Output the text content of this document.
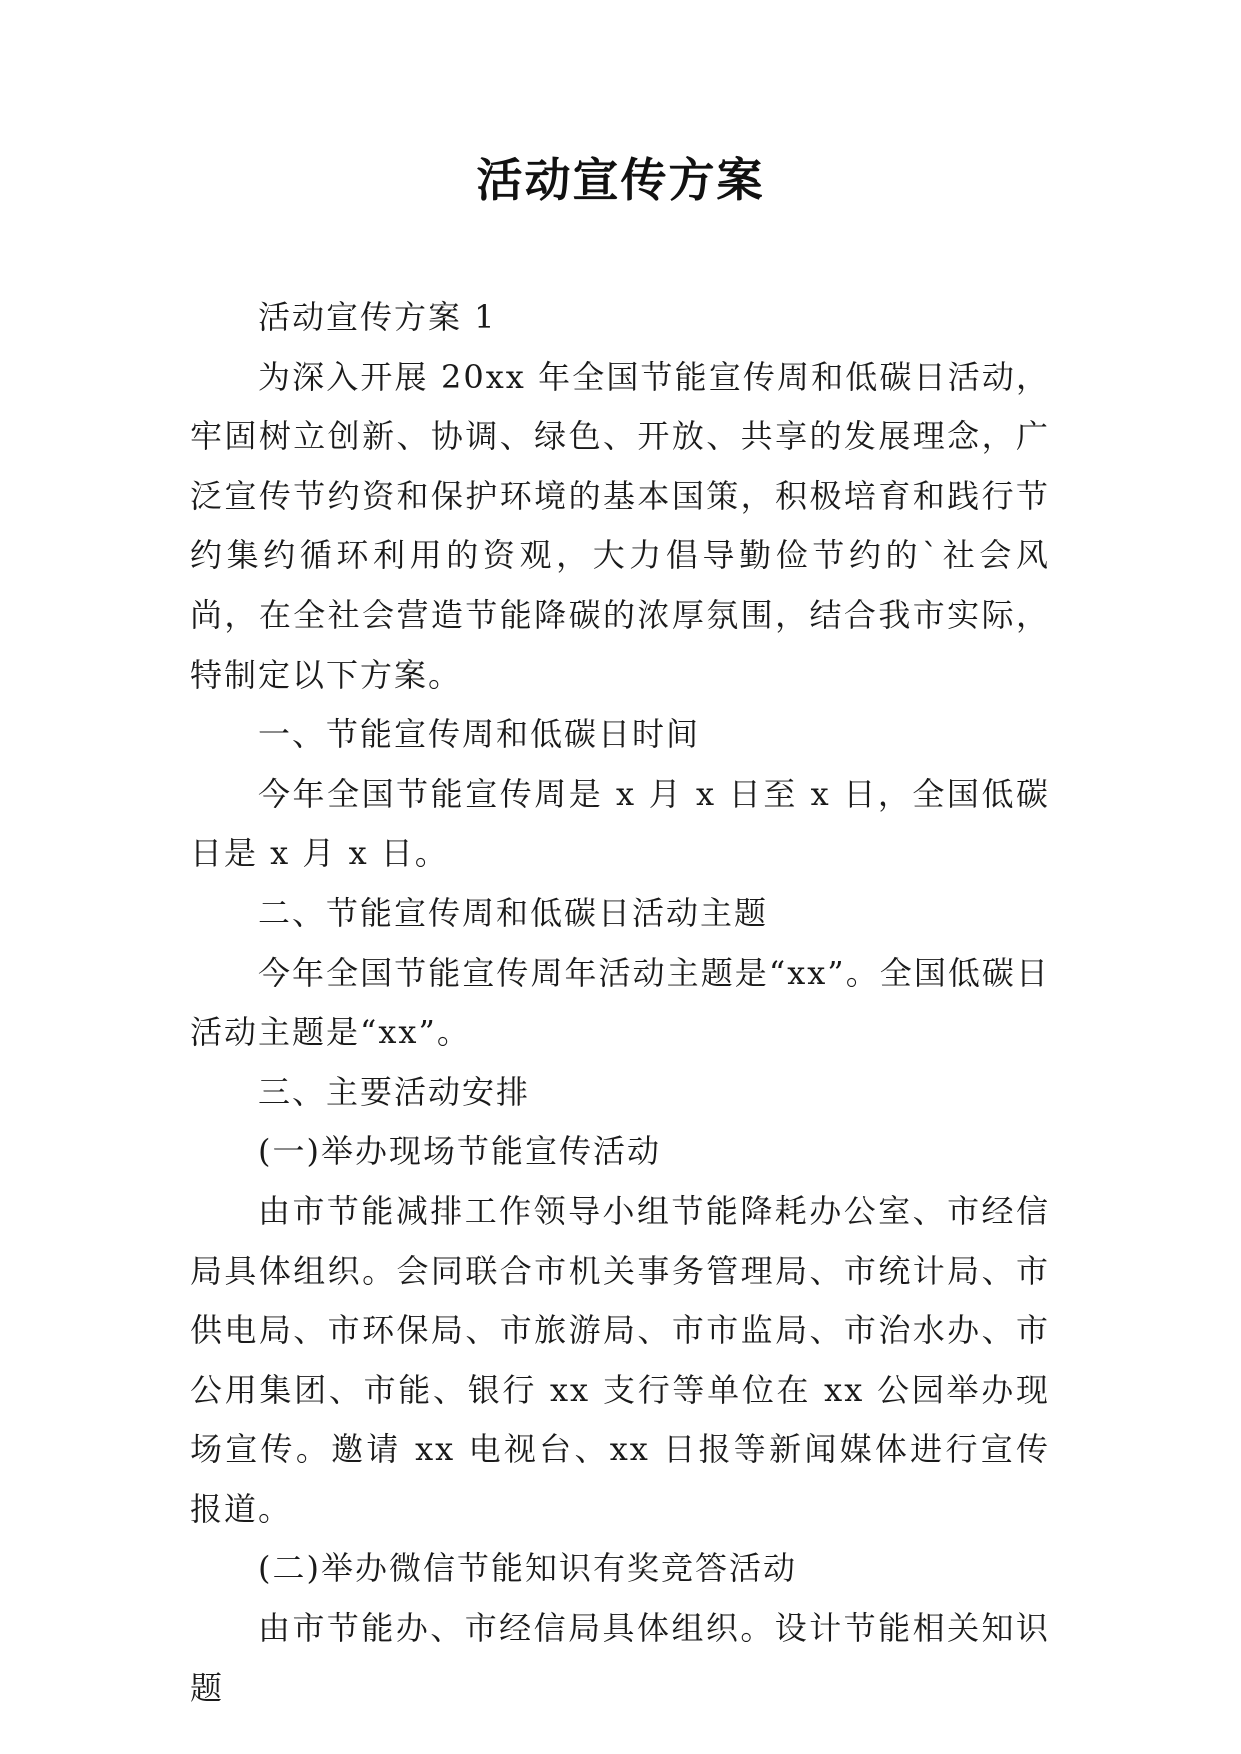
活动宣传方案

活动宣传方案 1

为深入开展 20xx 年全国节能宣传周和低碳日活动，牢固树立创新、协调、绿色、开放、共享的发展理念，广泛宣传节约资和保护环境的基本国策，积极培育和践行节约集约循环利用的资观，大力倡导勤俭节约的`社会风尚，在全社会营造节能降碳的浓厚氛围，结合我市实际，特制定以下方案。

一、节能宣传周和低碳日时间

今年全国节能宣传周是 x 月 x 日至 x 日，全国低碳日是 x 月 x 日。

二、节能宣传周和低碳日活动主题

今年全国节能宣传周年活动主题是“xx”。全国低碳日活动主题是“xx”。

三、主要活动安排

(一)举办现场节能宣传活动

由市节能减排工作领导小组节能降耗办公室、市经信局具体组织。会同联合市机关事务管理局、市统计局、市供电局、市环保局、市旅游局、市市监局、市治水办、市公用集团、市能、银行 xx 支行等单位在 xx 公园举办现场宣传。邀请 xx 电视台、xx 日报等新闻媒体进行宣传报道。

(二)举办微信节能知识有奖竞答活动

由市节能办、市经信局具体组织。设计节能相关知识题
